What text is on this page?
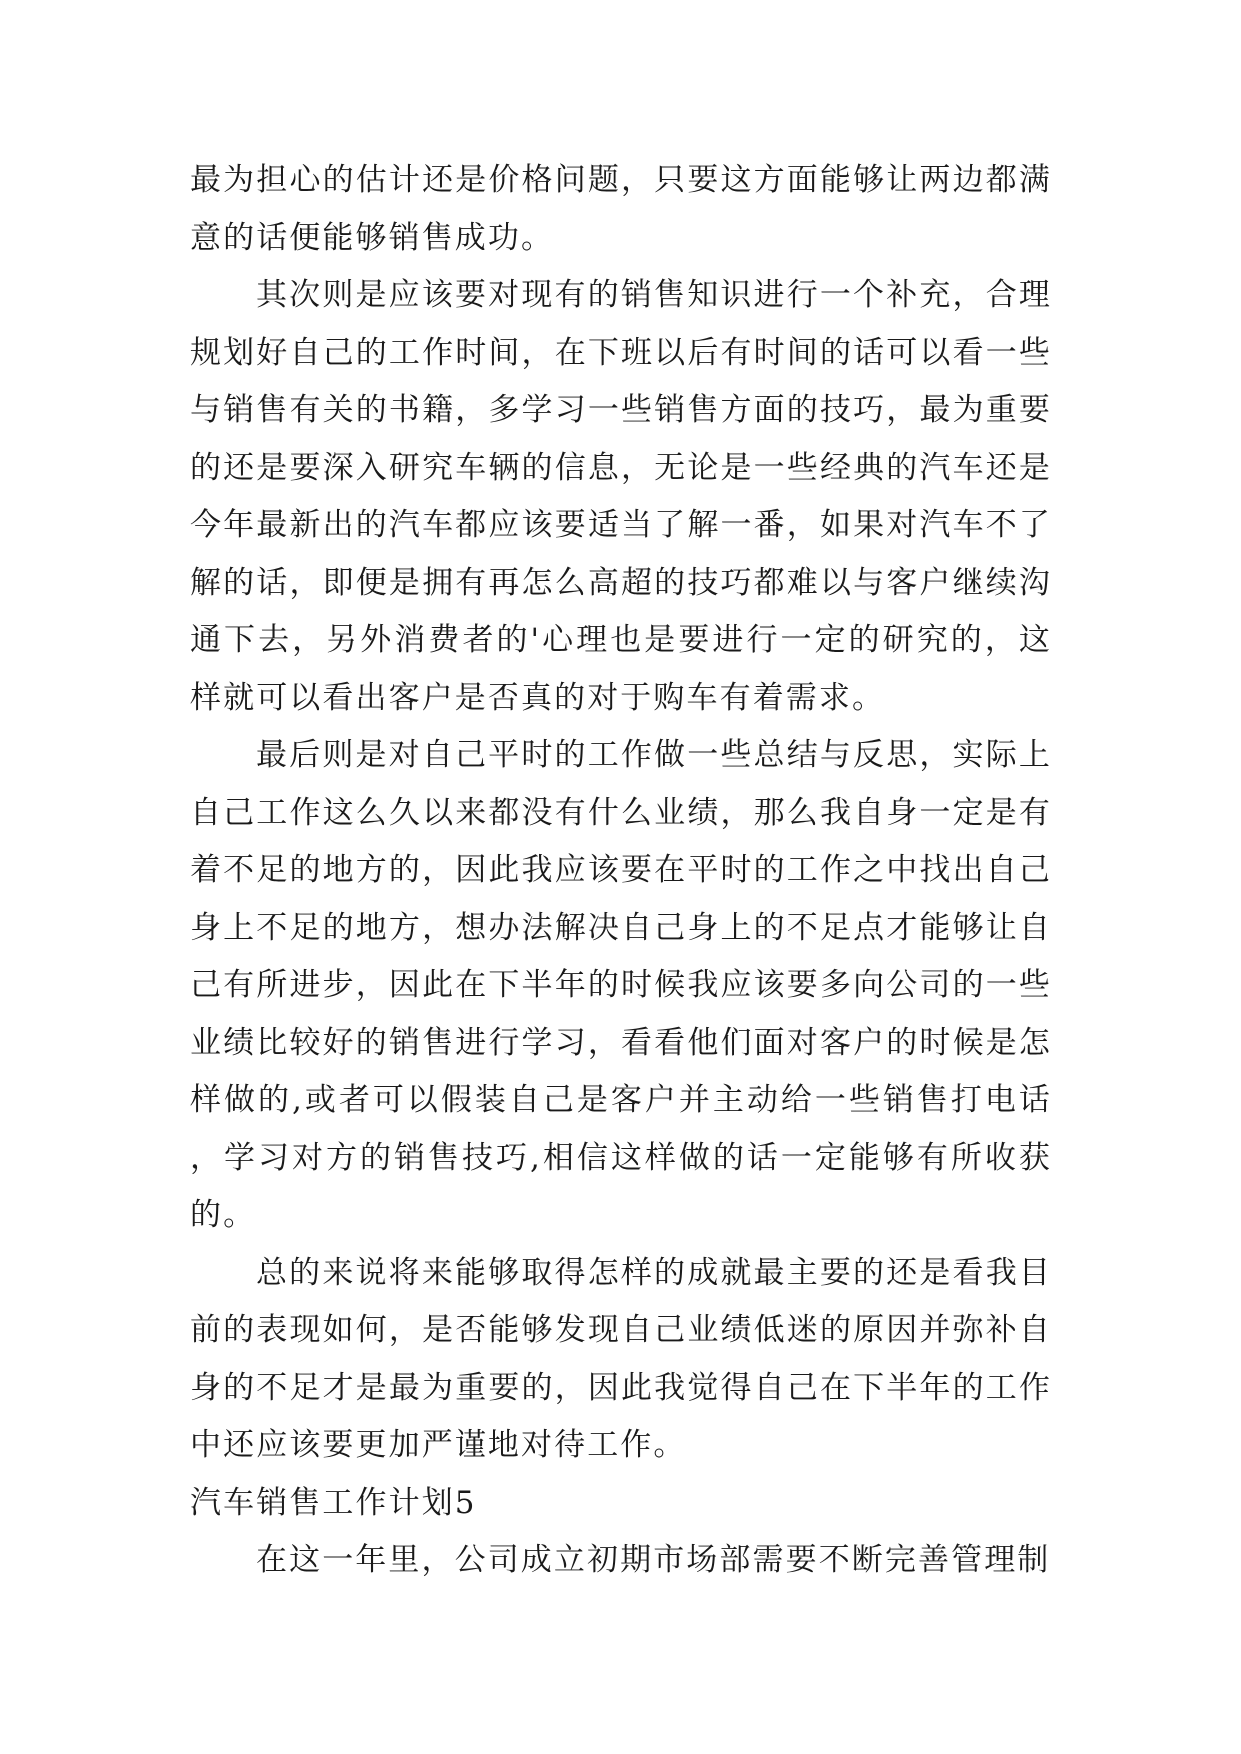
最为担心的估计还是价格问题，只要这方面能够让两边都满意的话便能够销售成功。

其次则是应该要对现有的销售知识进行一个补充，合理规划好自己的工作时间，在下班以后有时间的话可以看一些与销售有关的书籍，多学习一些销售方面的技巧，最为重要的还是要深入研究车辆的信息，无论是一些经典的汽车还是今年最新出的汽车都应该要适当了解一番，如果对汽车不了解的话，即便是拥有再怎么高超的技巧都难以与客户继续沟通下去，另外消费者的'心理也是要进行一定的研究的，这样就可以看出客户是否真的对于购车有着需求。

最后则是对自己平时的工作做一些总结与反思，实际上自己工作这么久以来都没有什么业绩，那么我自身一定是有着不足的地方的，因此我应该要在平时的工作之中找出自己身上不足的地方，想办法解决自己身上的不足点才能够让自己有所进步，因此在下半年的时候我应该要多向公司的一些业绩比较好的销售进行学习，看看他们面对客户的时候是怎样做的,或者可以假装自己是客户并主动给一些销售打电话，学习对方的销售技巧,相信这样做的话一定能够有所收获的。

总的来说将来能够取得怎样的成就最主要的还是看我目前的表现如何，是否能够发现自己业绩低迷的原因并弥补自身的不足才是最为重要的，因此我觉得自己在下半年的工作中还应该要更加严谨地对待工作。

汽车销售工作计划5

在这一年里，公司成立初期市场部需要不断完善管理制
